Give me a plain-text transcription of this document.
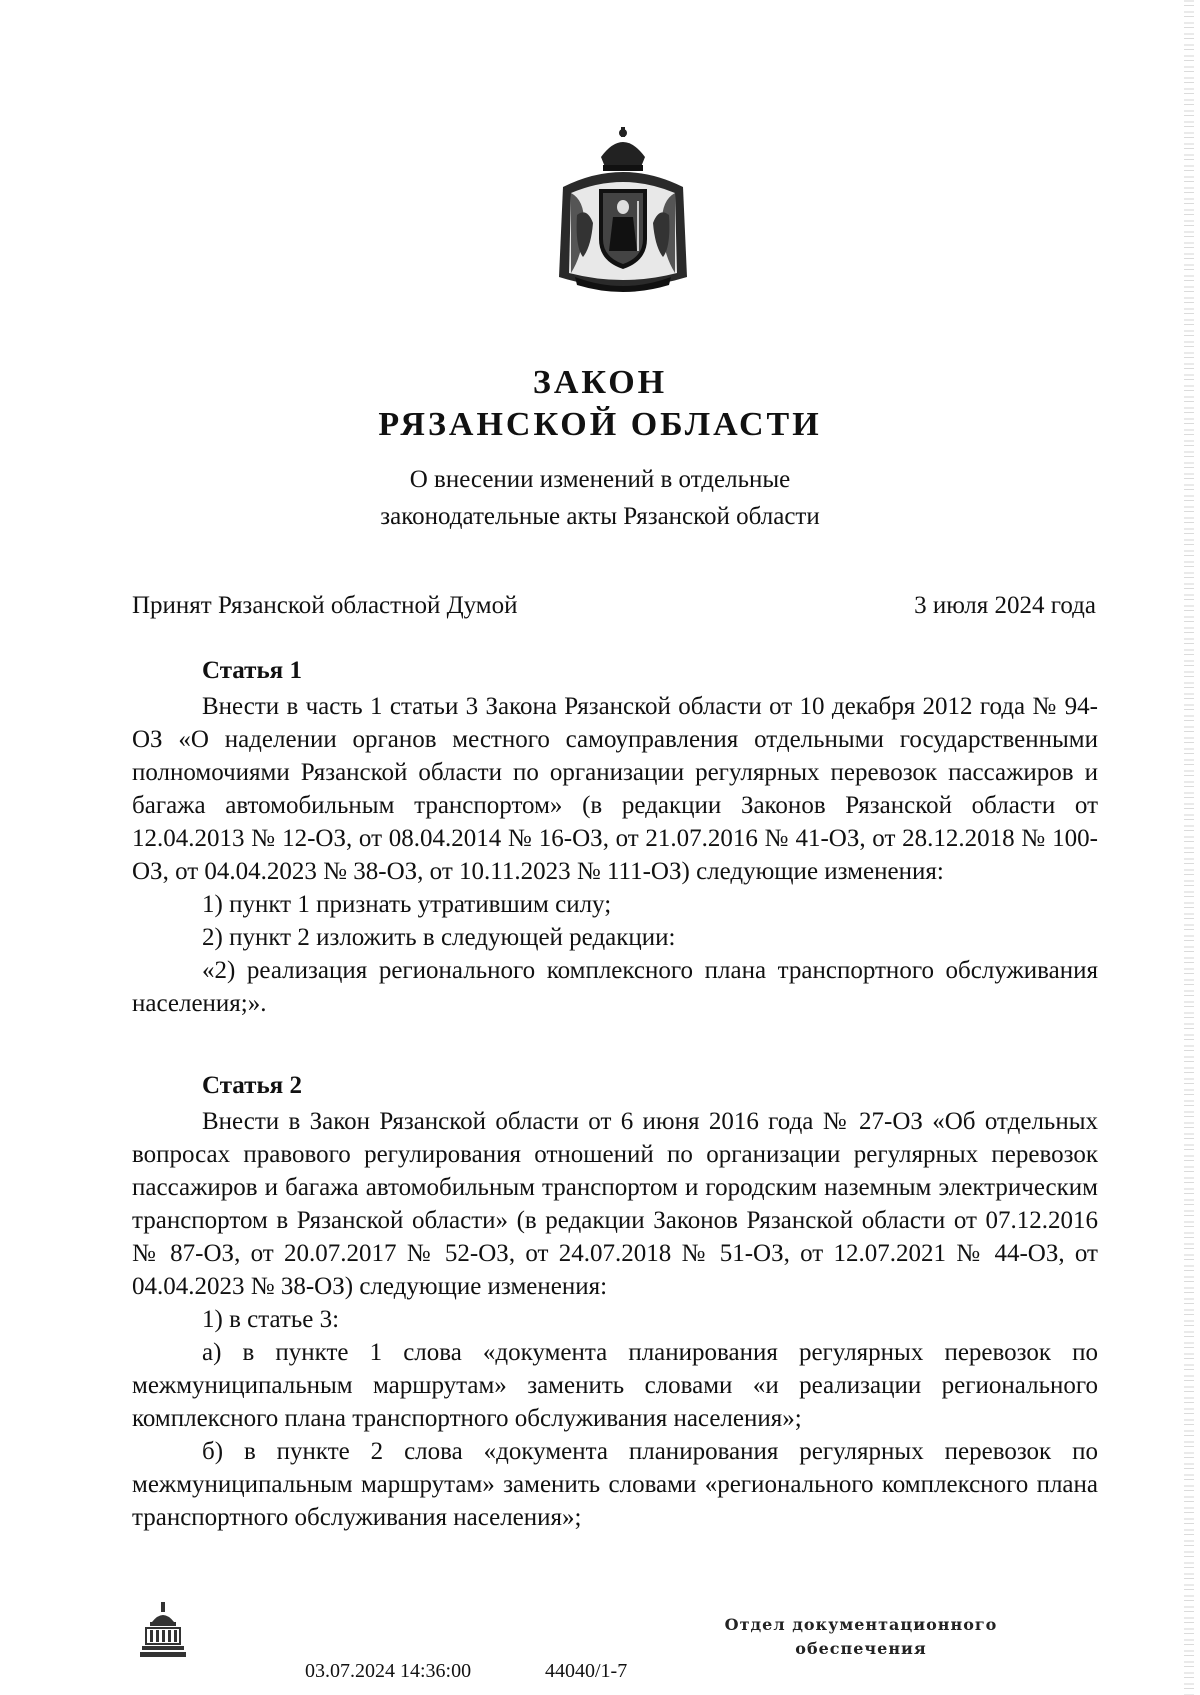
ЗАКОН
РЯЗАНСКОЙ ОБЛАСТИ
О внесении изменений в отдельные
законодательные акты Рязанской области
Принят Рязанской областной Думой	3 июля 2024 года
Статья 1

Внести в часть 1 статьи 3 Закона Рязанской области от 10 декабря 2012 года № 94-ОЗ «О наделении органов местного самоуправления отдельными государственными полномочиями Рязанской области по организации регулярных перевозок пассажиров и багажа автомобильным транспортом» (в редакции Законов Рязанской области от 12.04.2013 № 12-ОЗ, от 08.04.2014 № 16-ОЗ, от 21.07.2016 № 41-ОЗ, от 28.12.2018 № 100-ОЗ, от 04.04.2023 № 38-ОЗ, от 10.11.2023 № 111-ОЗ) следующие изменения:

1) пункт 1 признать утратившим силу;

2) пункт 2 изложить в следующей редакции:

«2) реализация регионального комплексного плана транспортного обслуживания населения;».

Статья 2

Внести в Закон Рязанской области от 6 июня 2016 года № 27-ОЗ «Об отдельных вопросах правового регулирования отношений по организации регулярных перевозок пассажиров и багажа автомобильным транспортом и городским наземным электрическим транспортом в Рязанской области» (в редакции Законов Рязанской области от 07.12.2016 № 87-ОЗ, от 20.07.2017 № 52-ОЗ, от 24.07.2018 № 51-ОЗ, от 12.07.2021 № 44-ОЗ, от 04.04.2023 № 38-ОЗ) следующие изменения:

1) в статье 3:

а) в пункте 1 слова «документа планирования регулярных перевозок по межмуниципальным маршрутам» заменить словами «и реализации регионального комплексного плана транспортного обслуживания населения»;

б) в пункте 2 слова «документа планирования регулярных перевозок по межмуниципальным маршрутам» заменить словами «регионального комплексного плана транспортного обслуживания населения»;

03.07.2024 14:36:00	44040/1-7
Отдел документационного
обеспечения
